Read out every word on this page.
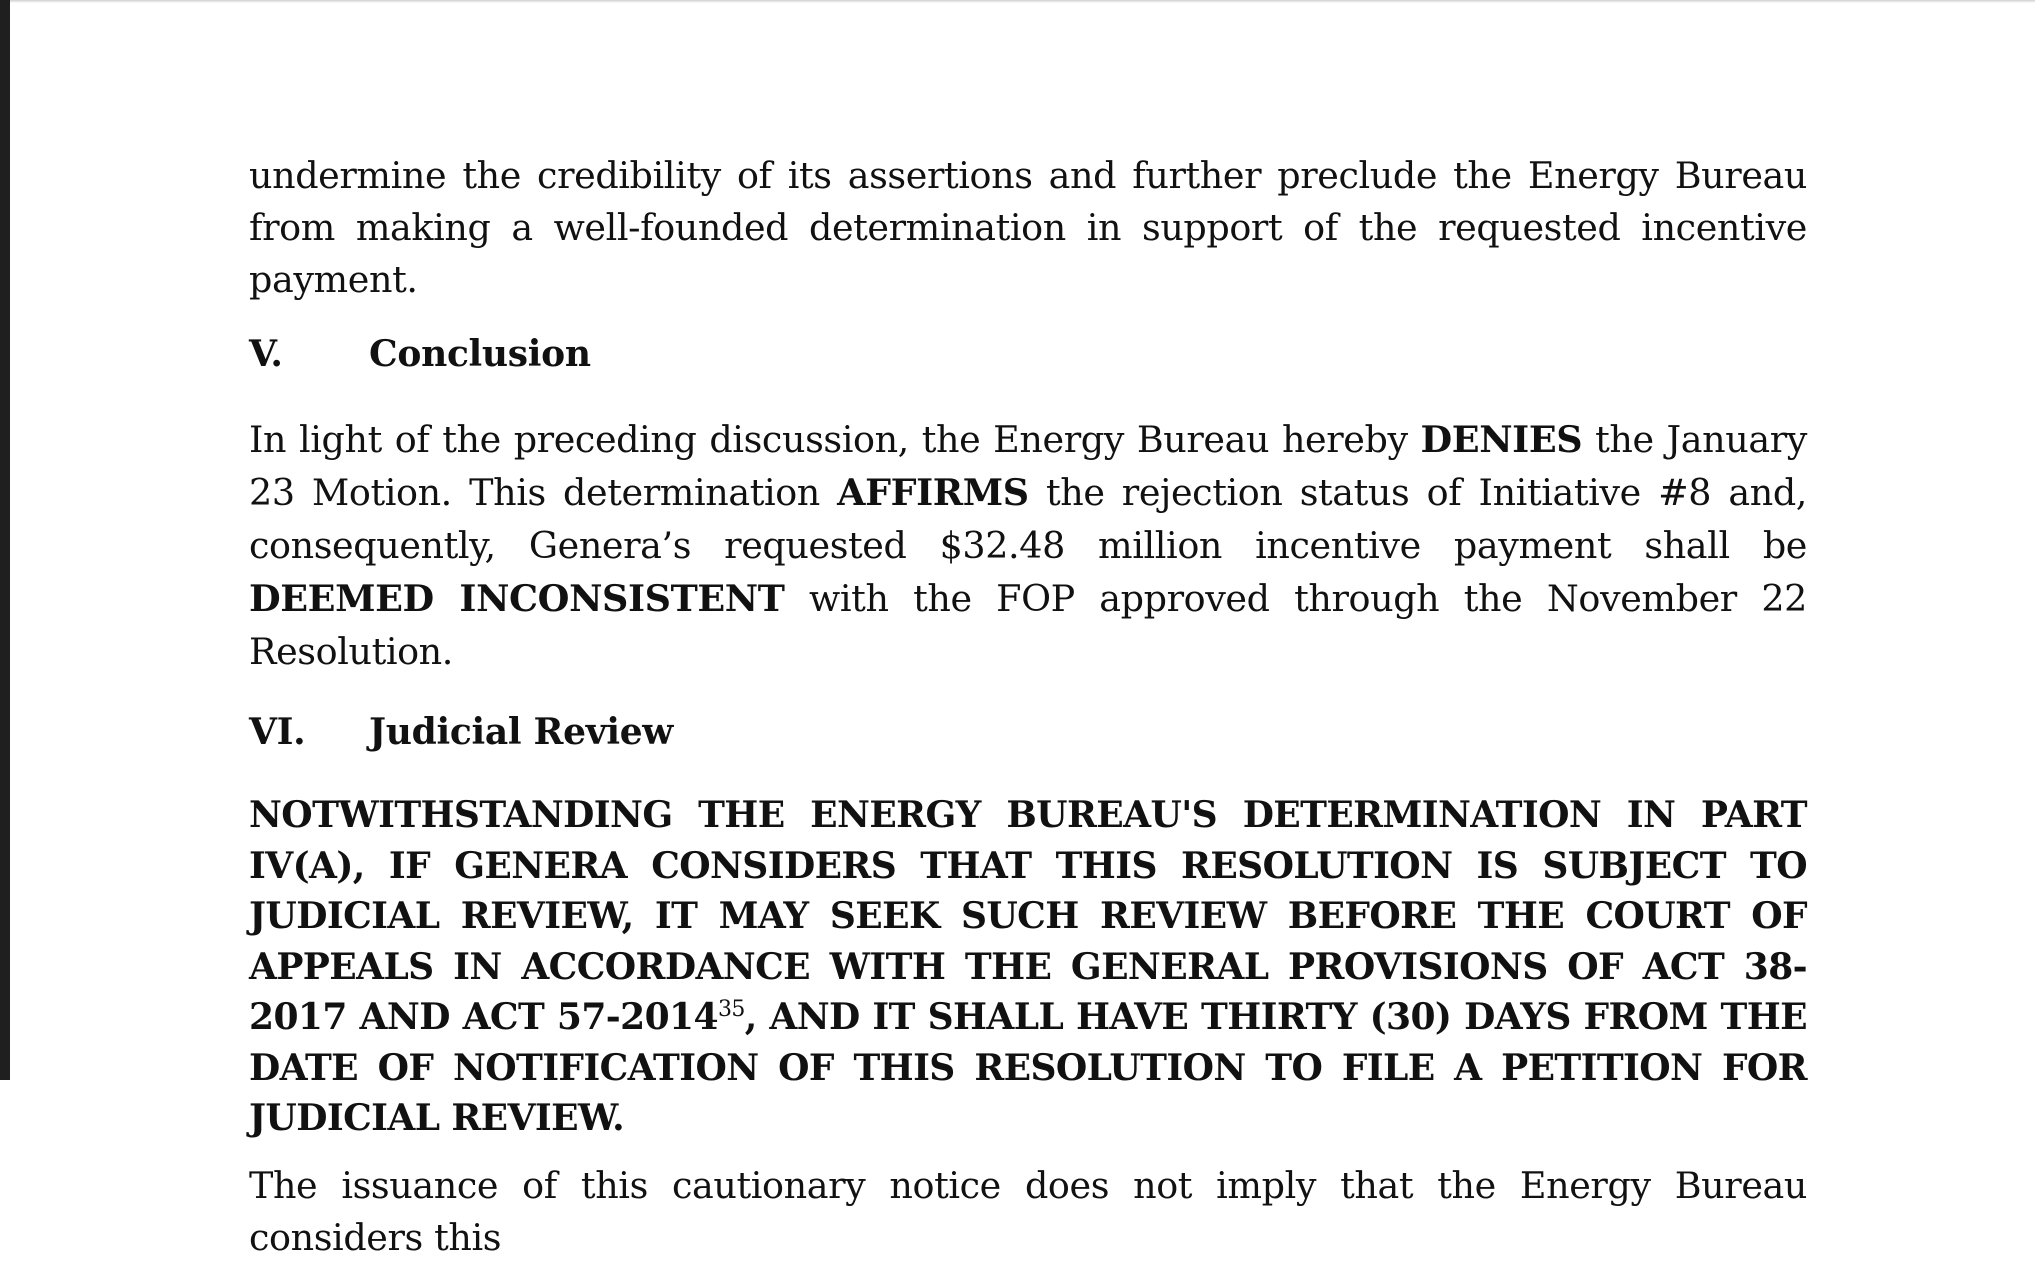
undermine the credibility of its assertions and further preclude the Energy Bureau from making a well-founded determination in support of the requested incentive payment.

V.	Conclusion

In light of the preceding discussion, the Energy Bureau hereby DENIES the January 23 Motion. This determination AFFIRMS the rejection status of Initiative #8 and, consequently, Genera’s requested $32.48 million incentive payment shall be DEEMED INCONSISTENT with the FOP approved through the November 22 Resolution.

VI.	Judicial Review

NOTWITHSTANDING THE ENERGY BUREAU'S DETERMINATION IN PART IV(A), IF GENERA CONSIDERS THAT THIS RESOLUTION IS SUBJECT TO JUDICIAL REVIEW, IT MAY SEEK SUCH REVIEW BEFORE THE COURT OF APPEALS IN ACCORDANCE WITH THE GENERAL PROVISIONS OF ACT 38-2017 AND ACT 57-2014$^{35}$, AND IT SHALL HAVE THIRTY (30) DAYS FROM THE DATE OF NOTIFICATION OF THIS RESOLUTION TO FILE A PETITION FOR JUDICIAL REVIEW.

The issuance of this cautionary notice does not imply that the Energy Bureau considers this
